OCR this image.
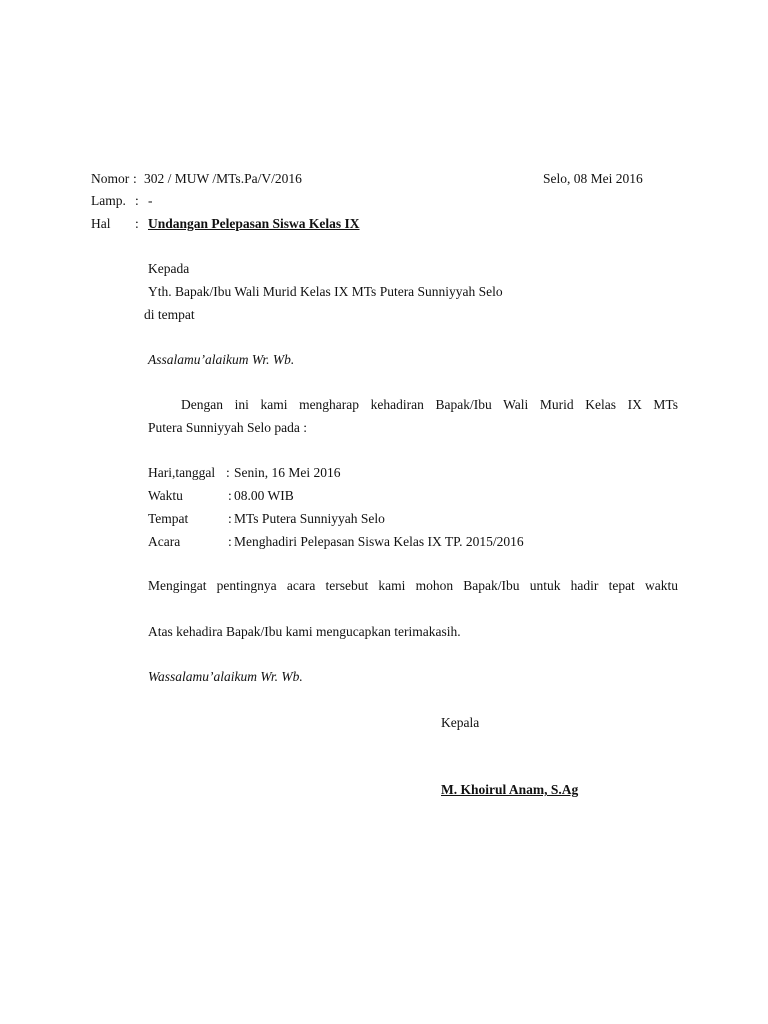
Nomor : 302 / MUW /MTs.Pa/V/2016	Selo, 08 Mei 2016
Lamp. : -
Hal : Undangan Pelepasan Siswa Kelas IX
Kepada
Yth. Bapak/Ibu Wali Murid Kelas IX MTs Putera Sunniyyah Selo
di tempat
Assalamu’alaikum Wr. Wb.
Dengan ini kami mengharap kehadiran Bapak/Ibu Wali Murid Kelas IX MTs
Putera Sunniyyah Selo pada :
Hari,tanggal : Senin, 16 Mei 2016
Waktu	: 08.00 WIB
Tempat	: MTs Putera Sunniyyah Selo
Acara	: Menghadiri Pelepasan Siswa Kelas IX TP. 2015/2016
Mengingat pentingnya acara tersebut kami mohon Bapak/Ibu untuk hadir tepat waktu
Atas kehadira Bapak/Ibu kami mengucapkan terimakasih.
Wassalamu’alaikum Wr. Wb.
Kepala
M. Khoirul Anam, S.Ag
